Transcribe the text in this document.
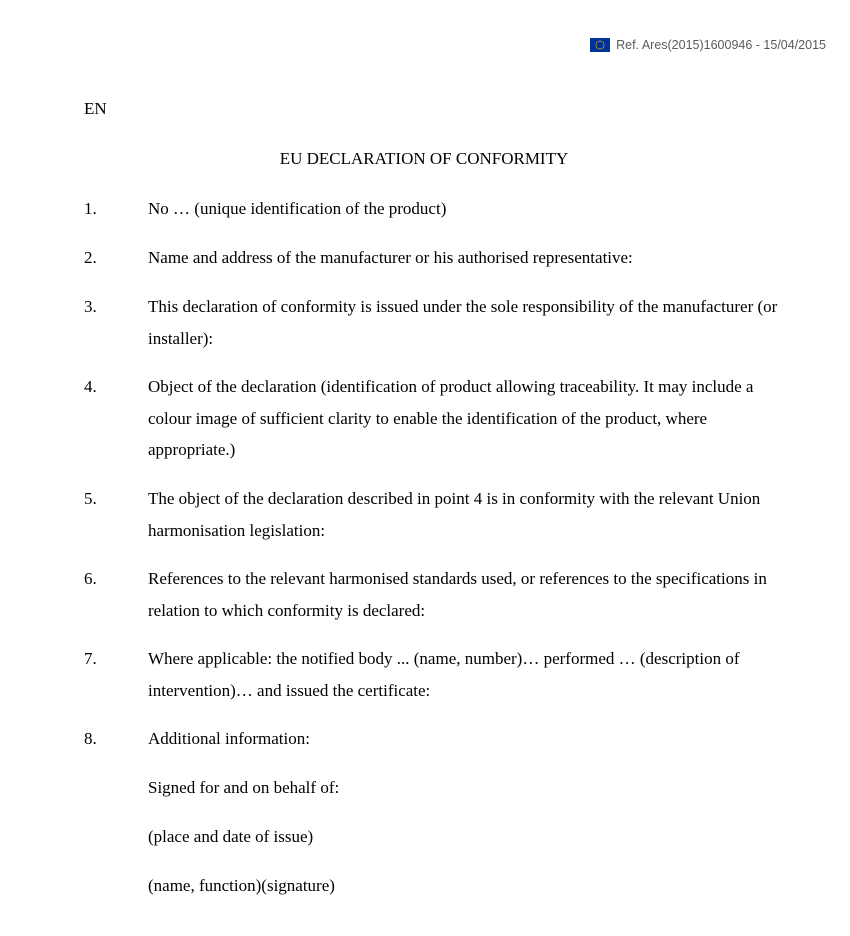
Ref. Ares(2015)1600946 - 15/04/2015
EN
EU DECLARATION OF CONFORMITY
1.	No … (unique identification of the product)
2.	Name and address of the manufacturer or his authorised representative:
3.	This declaration of conformity is issued under the sole responsibility of the manufacturer (or installer):
4.	Object of the declaration (identification of product allowing traceability. It may include a colour image of sufficient clarity to enable the identification of the product, where appropriate.)
5.	The object of the declaration described in point 4 is in conformity with the relevant Union harmonisation legislation:
6.	References to the relevant harmonised standards used, or references to the specifications in relation to which conformity is declared:
7.	Where applicable: the notified body ... (name, number)… performed … (description of intervention)… and issued the certificate:
8.	Additional information:
Signed for and on behalf of:
(place and date of issue)
(name, function)(signature)
